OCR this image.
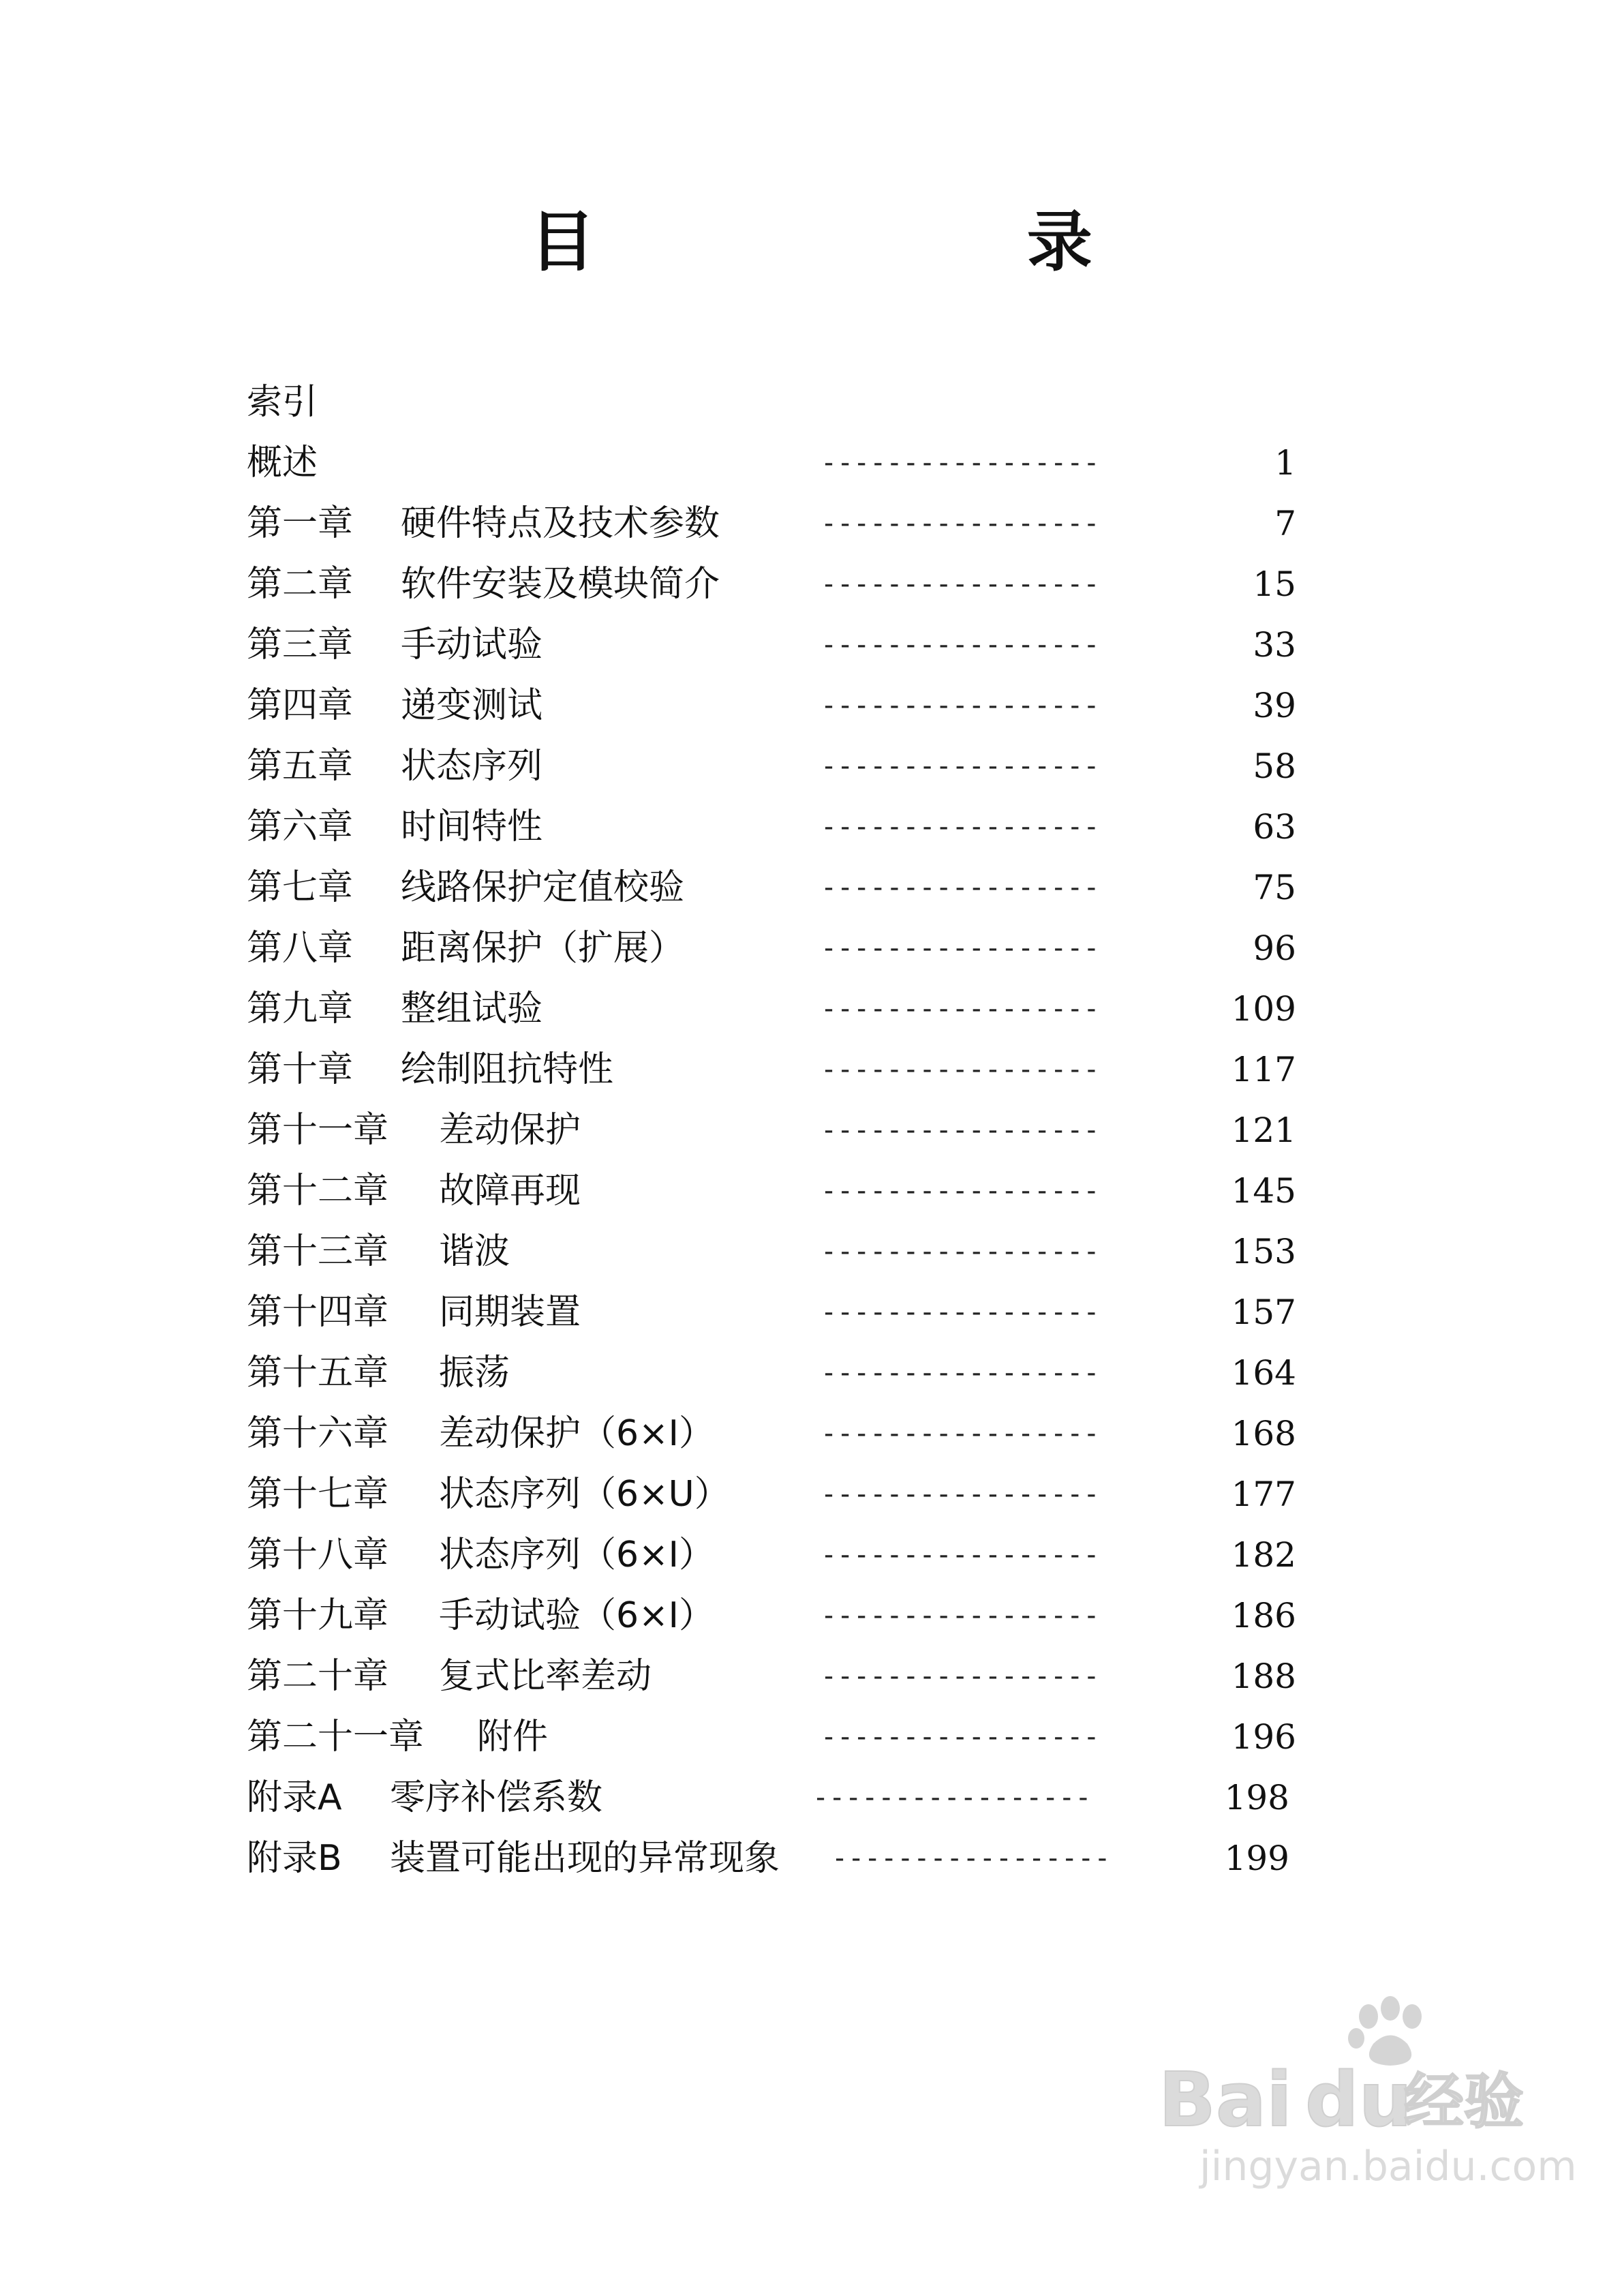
目 录
索引
概述	-----------------	1
第一章 硬件特点及技术参数	-----------------	7
第二章 软件安装及模块简介	-----------------	15
第三章 手动试验	-----------------	33
第四章 递变测试	-----------------	39
第五章 状态序列	-----------------	58
第六章 时间特性	-----------------	63
第七章 线路保护定值校验	-----------------	75
第八章 距离保护（扩展）	-----------------	96
第九章 整组试验	-----------------	109
第十章 绘制阻抗特性	-----------------	117
第十一章 差动保护	-----------------	121
第十二章 故障再现	-----------------	145
第十三章 谐波	-----------------	153
第十四章 同期装置	-----------------	157
第十五章 振荡	-----------------	164
第十六章 差动保护（6×I）	-----------------	168
第十七章 状态序列（6×U）	-----------------	177
第十八章 状态序列（6×I）	-----------------	182
第十九章 手动试验（6×I）	-----------------	186
第二十章 复式比率差动	-----------------	188
第二十一章 附件	-----------------	196
附录A 零序补偿系数	-----------------	198
附录B 装置可能出现的异常现象 -----------------	199
Bai du
经验
jingyan.baidu.com
